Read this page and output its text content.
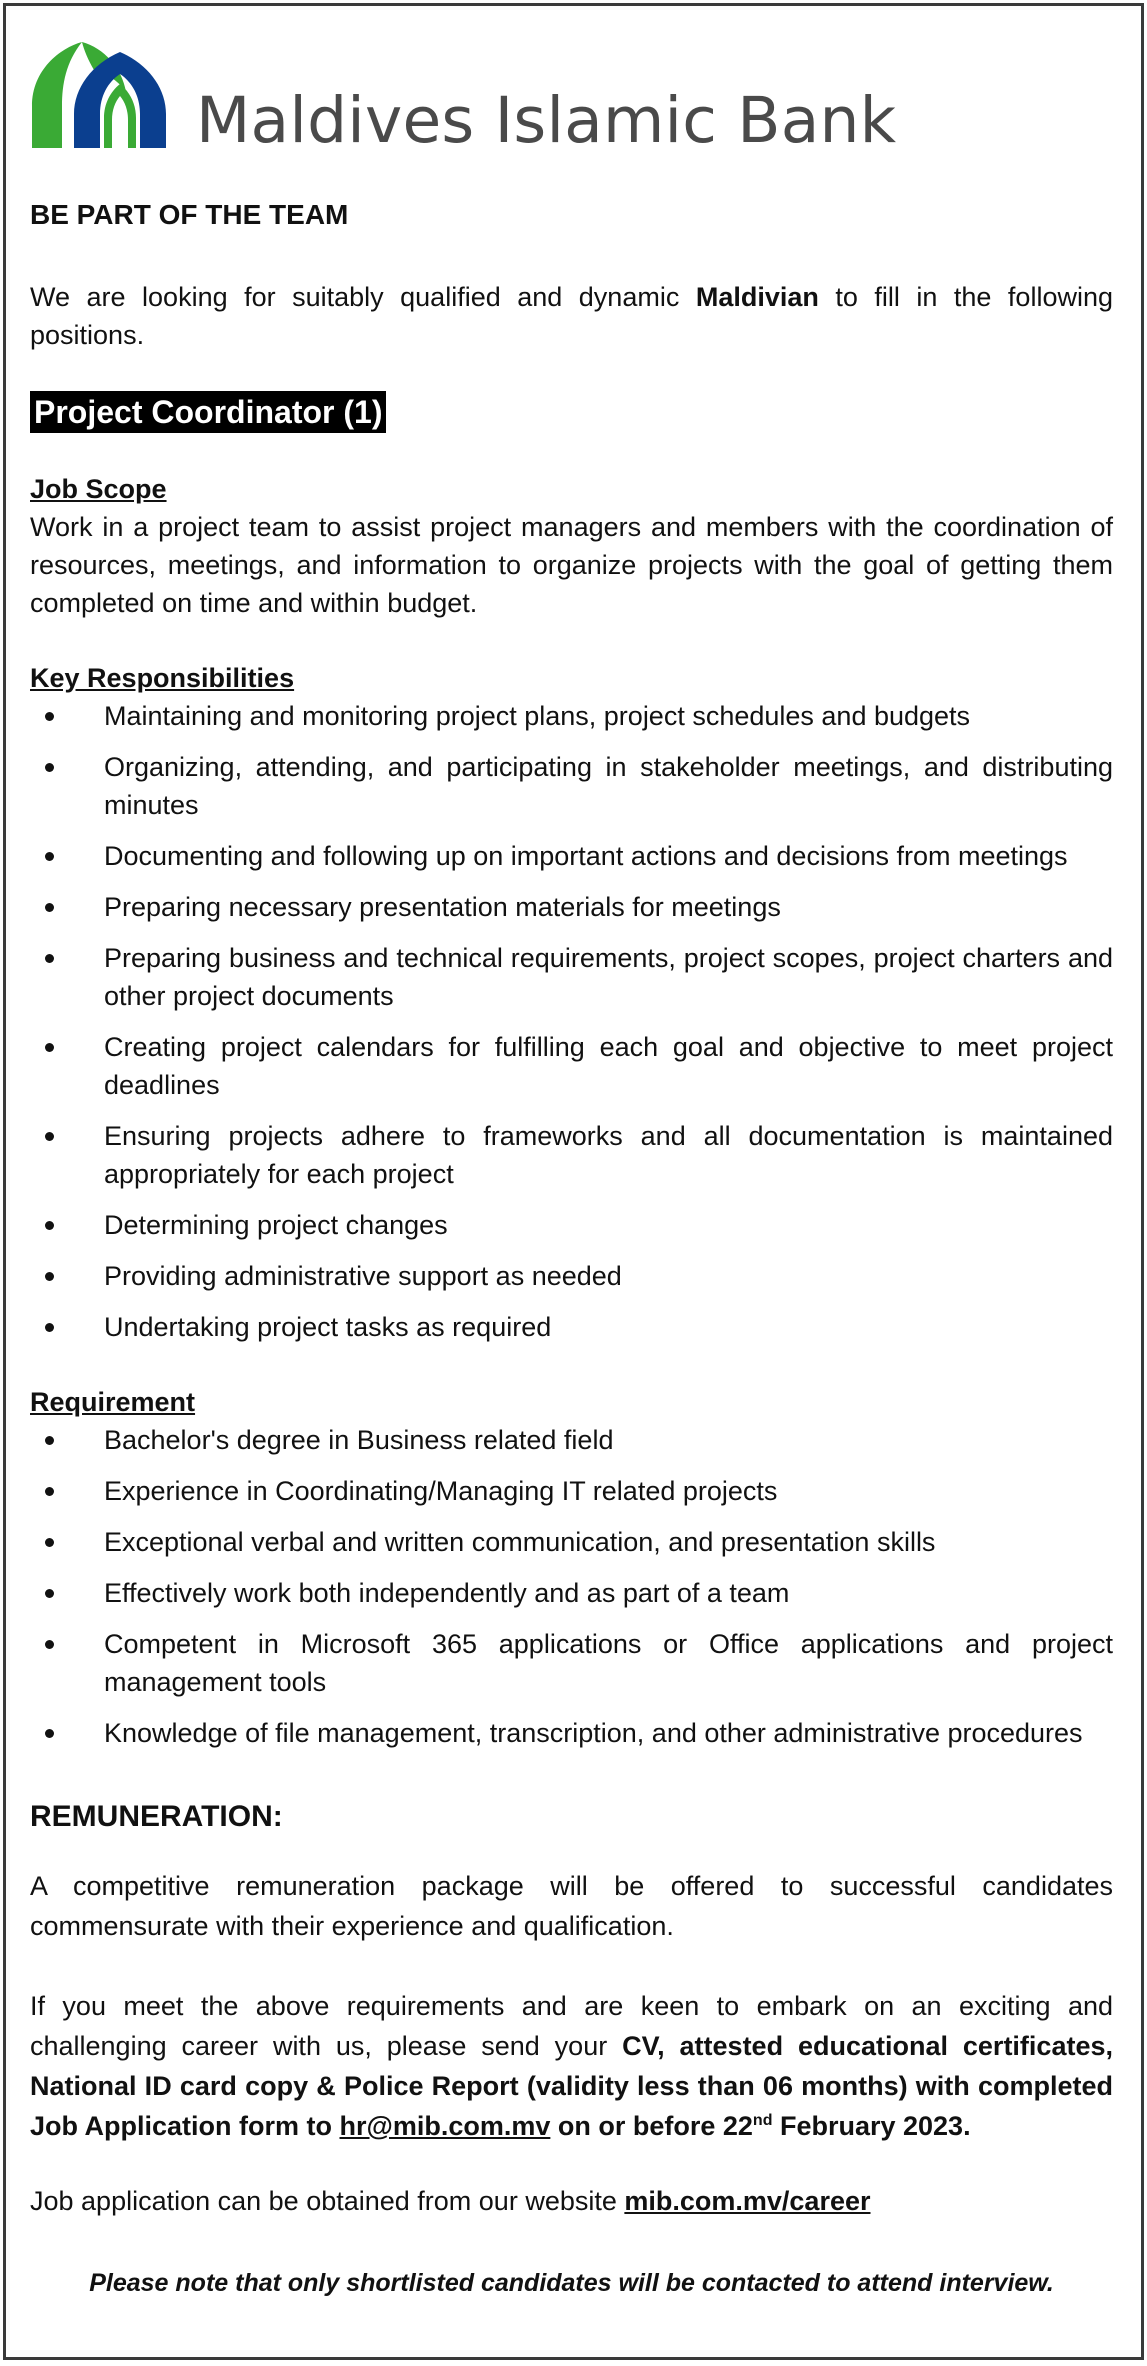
Maldives Islamic Bank

BE PART OF THE TEAM

We are looking for suitably qualified and dynamic Maldivian to fill in the following positions.

Project Coordinator (1)

Job Scope

Work in a project team to assist project managers and members with the coordination of resources, meetings, and information to organize projects with the goal of getting them completed on time and within budget.

Key Responsibilities

Maintaining and monitoring project plans, project schedules and budgets
Organizing, attending, and participating in stakeholder meetings, and distributing minutes
Documenting and following up on important actions and decisions from meetings
Preparing necessary presentation materials for meetings
Preparing business and technical requirements, project scopes, project charters and other project documents
Creating project calendars for fulfilling each goal and objective to meet project deadlines
Ensuring projects adhere to frameworks and all documentation is maintained appropriately for each project
Determining project changes
Providing administrative support as needed
Undertaking project tasks as required

Requirement

Bachelor's degree in Business related field
Experience in Coordinating/Managing IT related projects
Exceptional verbal and written communication, and presentation skills
Effectively work both independently and as part of a team
Competent in Microsoft 365 applications or Office applications and project management tools
Knowledge of file management, transcription, and other administrative procedures

REMUNERATION:

A competitive remuneration package will be offered to successful candidates commensurate with their experience and qualification.

If you meet the above requirements and are keen to embark on an exciting and challenging career with us, please send your CV, attested educational certificates, National ID card copy & Police Report (validity less than 06 months) with completed Job Application form to hr@mib.com.mv on or before 22nd February 2023.

Job application can be obtained from our website mib.com.mv/career

Please note that only shortlisted candidates will be contacted to attend interview.
